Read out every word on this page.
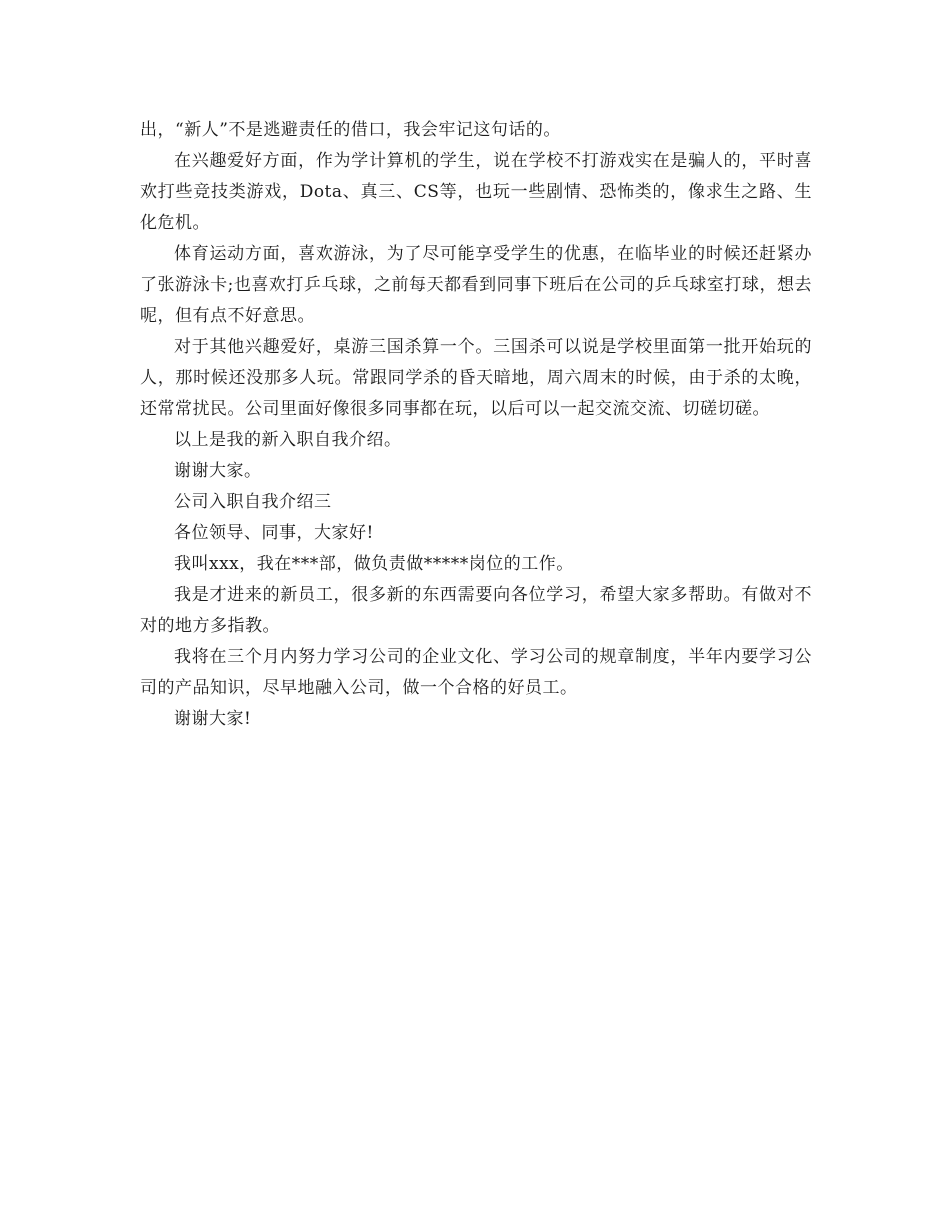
出，“新人”不是逃避责任的借口，我会牢记这句话的。

在兴趣爱好方面，作为学计算机的学生，说在学校不打游戏实在是骗人的，平时喜欢打些竞技类游戏，Dota、真三、CS等，也玩一些剧情、恐怖类的，像求生之路、生化危机。

体育运动方面，喜欢游泳，为了尽可能享受学生的优惠，在临毕业的时候还赶紧办了张游泳卡;也喜欢打乒乓球，之前每天都看到同事下班后在公司的乒乓球室打球，想去呢，但有点不好意思。

对于其他兴趣爱好，桌游三国杀算一个。三国杀可以说是学校里面第一批开始玩的人，那时候还没那多人玩。常跟同学杀的昏天暗地，周六周末的时候，由于杀的太晚，还常常扰民。公司里面好像很多同事都在玩，以后可以一起交流交流、切磋切磋。

以上是我的新入职自我介绍。

谢谢大家。

公司入职自我介绍三

各位领导、同事，大家好!

我叫xxx，我在***部，做负责做*****岗位的工作。

我是才进来的新员工，很多新的东西需要向各位学习，希望大家多帮助。有做对不对的地方多指教。

我将在三个月内努力学习公司的企业文化、学习公司的规章制度，半年内要学习公司的产品知识，尽早地融入公司，做一个合格的好员工。

谢谢大家!
